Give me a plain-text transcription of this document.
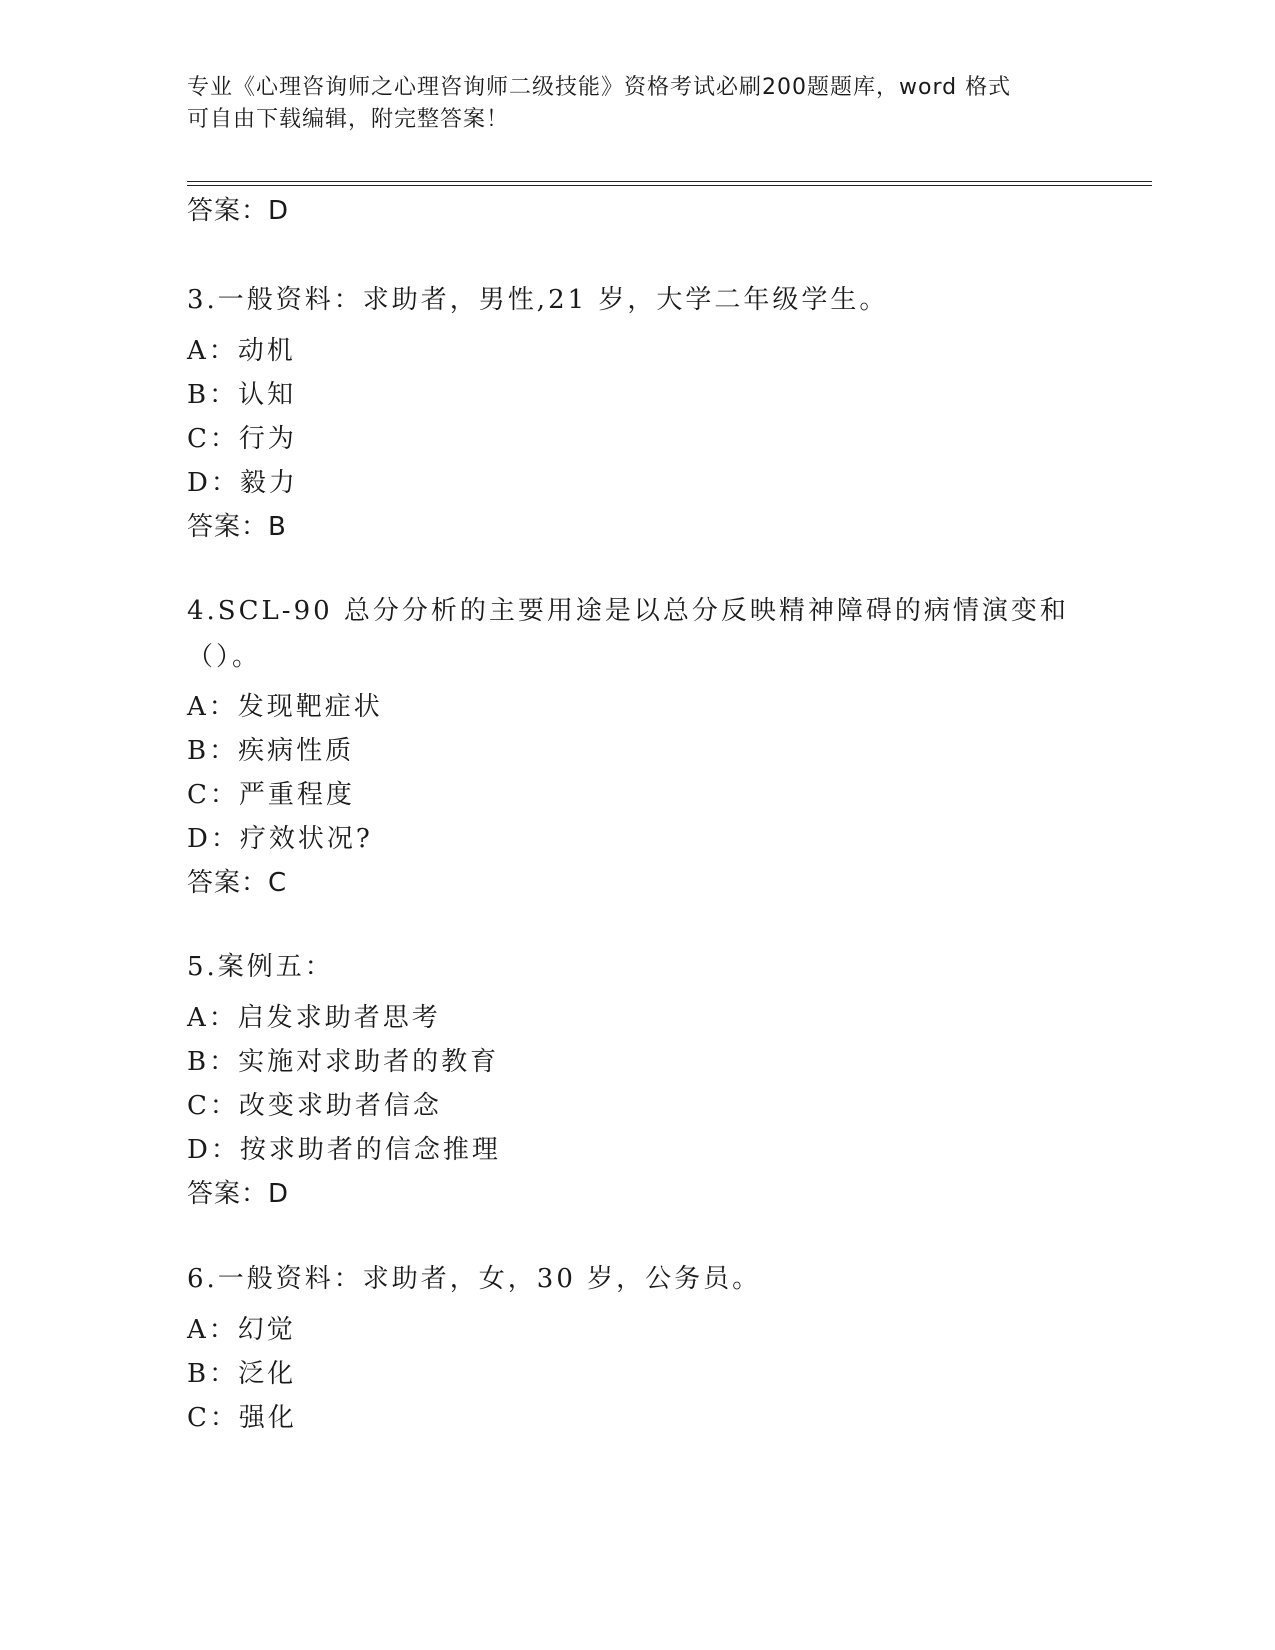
专业《心理咨询师之心理咨询师二级技能》资格考试必刷200题题库，word 格式
可自由下载编辑，附完整答案！
答案：D
3.一般资料：求助者，男性,21 岁，大学二年级学生。
A：动机
B：认知
C：行为
D：毅力
答案：B
4.SCL-90 总分分析的主要用途是以总分反映精神障碍的病情演变和（）。
A：发现靶症状
B：疾病性质
C：严重程度
D：疗效状况?
答案：C
5.案例五：
A：启发求助者思考
B：实施对求助者的教育
C：改变求助者信念
D：按求助者的信念推理
答案：D
6.一般资料：求助者，女，30 岁，公务员。
A：幻觉
B：泛化
C：强化
